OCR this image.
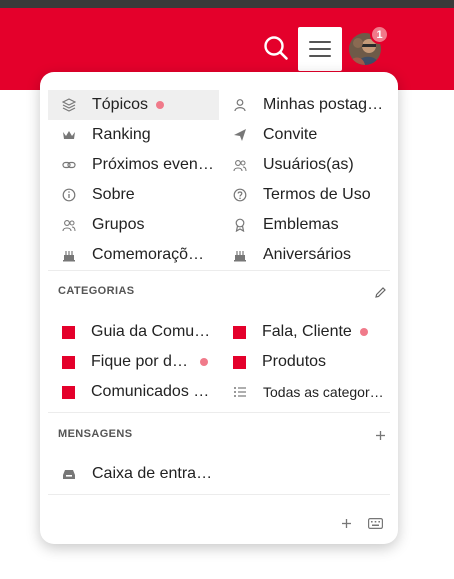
1
Tópicos	Minhas postag…
Ranking	Convite
Próximos even…	Usuários(as)
Sobre	Termos de Uso
Grupos	Emblemas
Comemoraçõ…	Aniversários
CATEGORIAS
Guia da Comu…	Fala, Cliente
Fique por d…	Produtos
Comunicados …	Todas as categor…
MENSAGENS
Caixa de entra…
